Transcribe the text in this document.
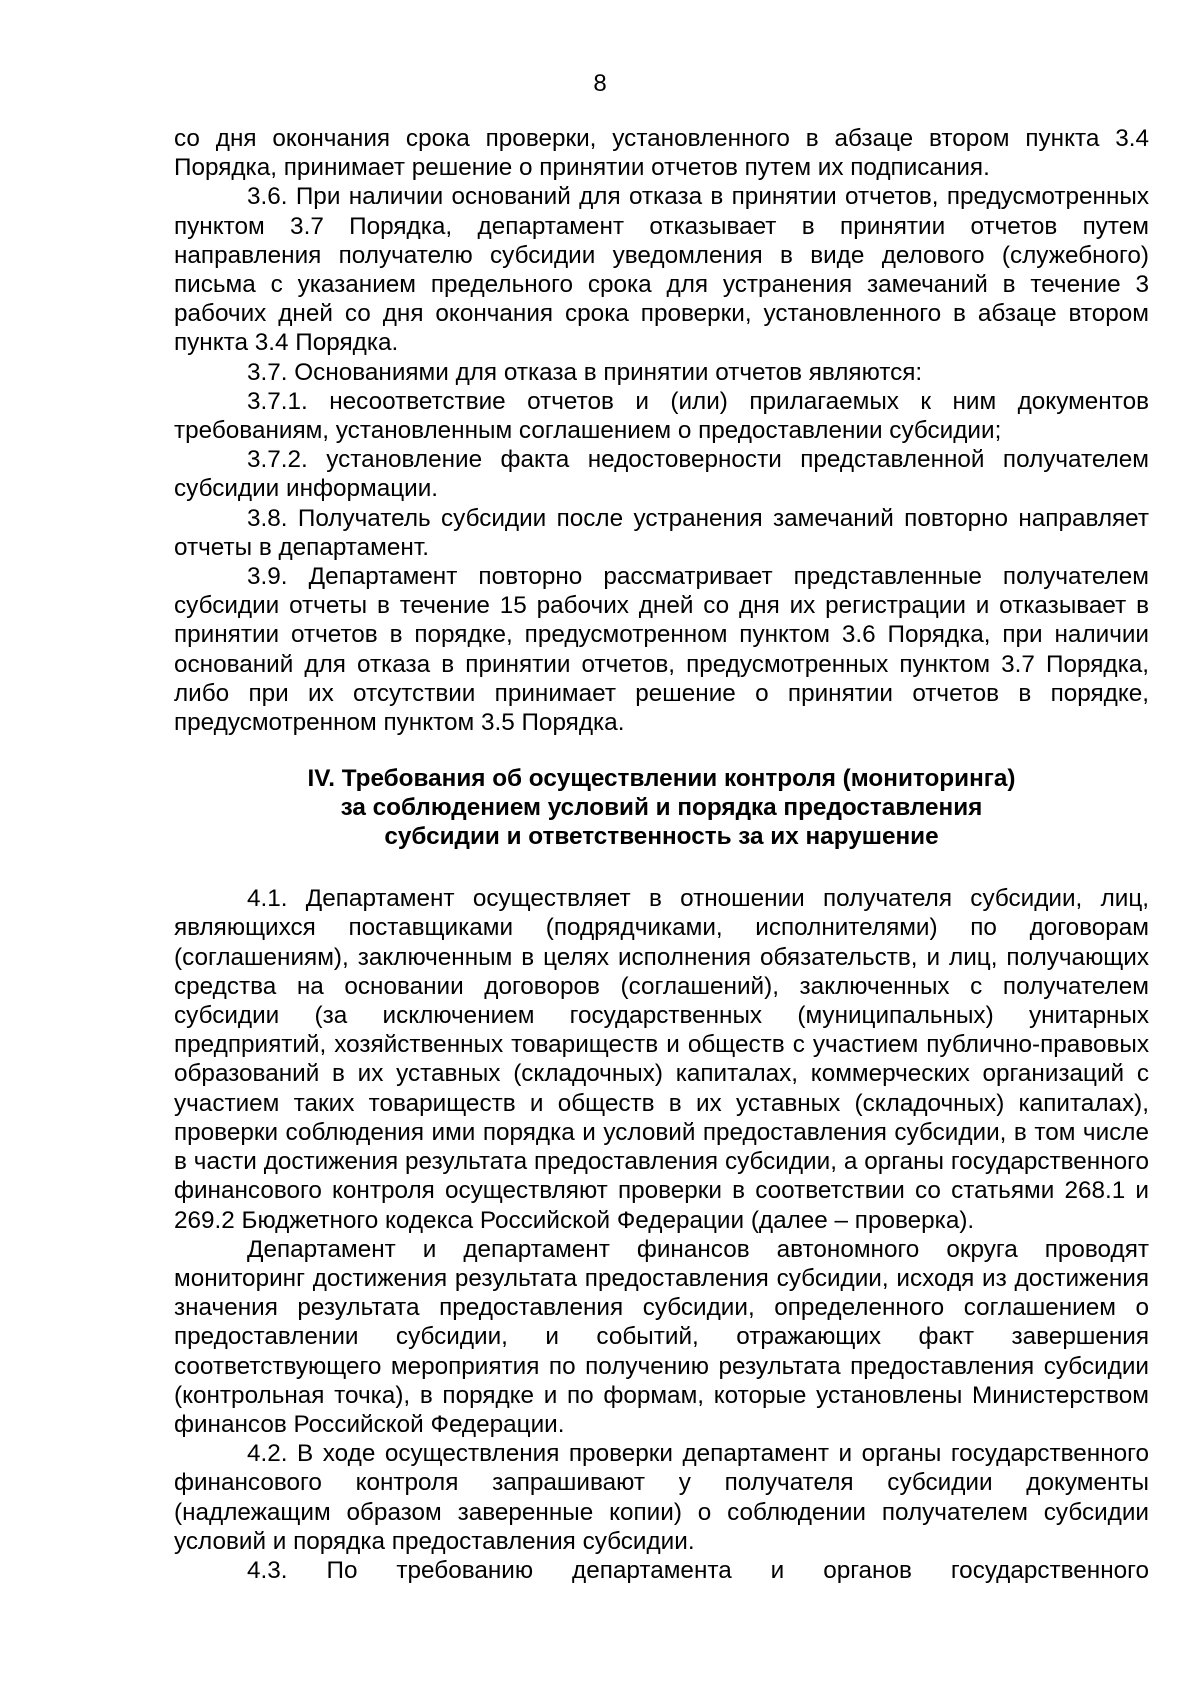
8

со дня окончания срока проверки, установленного в абзаце втором пункта 3.4 Порядка, принимает решение о принятии отчетов путем их подписания.

3.6. При наличии оснований для отказа в принятии отчетов, предусмотренных пунктом 3.7 Порядка, департамент отказывает в принятии отчетов путем направления получателю субсидии уведомления в виде делового (служебного) письма с указанием предельного срока для устранения замечаний в течение 3 рабочих дней со дня окончания срока проверки, установленного в абзаце втором пункта 3.4 Порядка.

3.7. Основаниями для отказа в принятии отчетов являются:

3.7.1. несоответствие отчетов и (или) прилагаемых к ним документов требованиям, установленным соглашением о предоставлении субсидии;

3.7.2. установление факта недостоверности представленной получателем субсидии информации.

3.8. Получатель субсидии после устранения замечаний повторно направляет отчеты в департамент.

3.9. Департамент повторно рассматривает представленные получателем субсидии отчеты в течение 15 рабочих дней со дня их регистрации и отказывает в принятии отчетов в порядке, предусмотренном пунктом 3.6 Порядка, при наличии оснований для отказа в принятии отчетов, предусмотренных пунктом 3.7 Порядка, либо при их отсутствии принимает решение о принятии отчетов в порядке, предусмотренном пунктом 3.5 Порядка.

IV. Требования об осуществлении контроля (мониторинга)
за соблюдением условий и порядка предоставления
субсидии и ответственность за их нарушение

4.1. Департамент осуществляет в отношении получателя субсидии, лиц, являющихся поставщиками (подрядчиками, исполнителями) по договорам (соглашениям), заключенным в целях исполнения обязательств, и лиц, получающих средства на основании договоров (соглашений), заключенных с получателем субсидии (за исключением государственных (муниципальных) унитарных предприятий, хозяйственных товариществ и обществ с участием публично-правовых образований в их уставных (складочных) капиталах, коммерческих организаций с участием таких товариществ и обществ в их уставных (складочных) капиталах), проверки соблюдения ими порядка и условий предоставления субсидии, в том числе в части достижения результата предоставления субсидии, а органы государственного финансового контроля осуществляют проверки в соответствии со статьями 268.1 и 269.2 Бюджетного кодекса Российской Федерации (далее – проверка).

Департамент и департамент финансов автономного округа проводят мониторинг достижения результата предоставления субсидии, исходя из достижения значения результата предоставления субсидии, определенного соглашением о предоставлении субсидии, и событий, отражающих факт завершения соответствующего мероприятия по получению результата предоставления субсидии (контрольная точка), в порядке и по формам, которые установлены Министерством финансов Российской Федерации.

4.2. В ходе осуществления проверки департамент и органы государственного финансового контроля запрашивают у получателя субсидии документы (надлежащим образом заверенные копии) о соблюдении получателем субсидии условий и порядка предоставления субсидии.

4.3. По требованию департамента и органов государственного
